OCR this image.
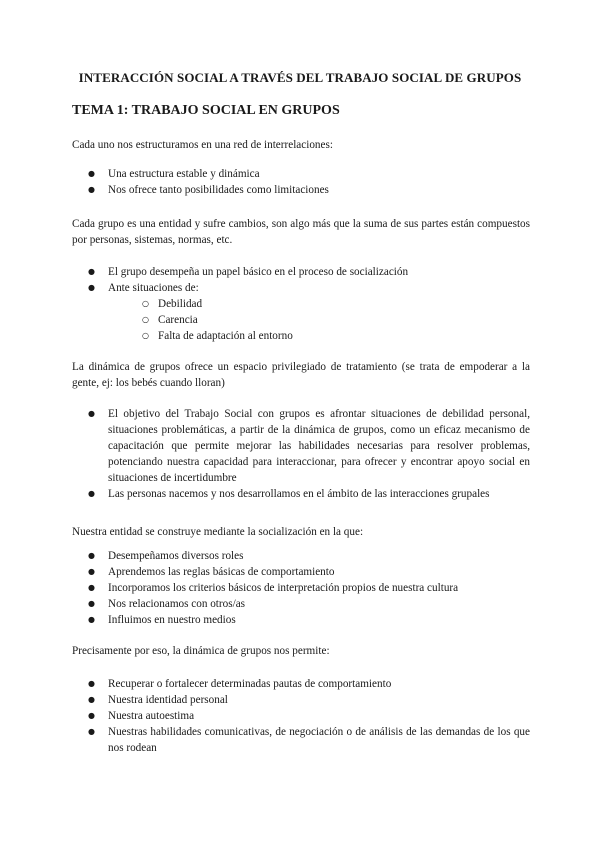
INTERACCIÓN SOCIAL A TRAVÉS DEL TRABAJO SOCIAL DE GRUPOS
TEMA 1: TRABAJO SOCIAL EN GRUPOS
Cada uno nos estructuramos en una red de interrelaciones:
● Una estructura estable y dinámica
● Nos ofrece tanto posibilidades como limitaciones
Cada grupo es una entidad y sufre cambios, son algo más que la suma de sus partes están compuestos por personas, sistemas, normas, etc.
● El grupo desempeña un papel básico en el proceso de socialización
● Ante situaciones de:
○ Debilidad
○ Carencia
○ Falta de adaptación al entorno
La dinámica de grupos ofrece un espacio privilegiado de tratamiento (se trata de empoderar a la gente, ej: los bebés cuando lloran)
● El objetivo del Trabajo Social con grupos es afrontar situaciones de debilidad personal, situaciones problemáticas, a partir de la dinámica de grupos, como un eficaz mecanismo de capacitación que permite mejorar las habilidades necesarias para resolver problemas, potenciando nuestra capacidad para interaccionar, para ofrecer y encontrar apoyo social en situaciones de incertidumbre
● Las personas nacemos y nos desarrollamos en el ámbito de las interacciones grupales
Nuestra entidad se construye mediante la socialización en la que:
● Desempeñamos diversos roles
● Aprendemos las reglas básicas de comportamiento
● Incorporamos los criterios básicos de interpretación propios de nuestra cultura
● Nos relacionamos con otros/as
● Influimos en nuestro medios
Precisamente por eso, la dinámica de grupos nos permite:
● Recuperar o fortalecer determinadas pautas de comportamiento
● Nuestra identidad personal
● Nuestra autoestima
● Nuestras habilidades comunicativas, de negociación o de análisis de las demandas de los que nos rodean
